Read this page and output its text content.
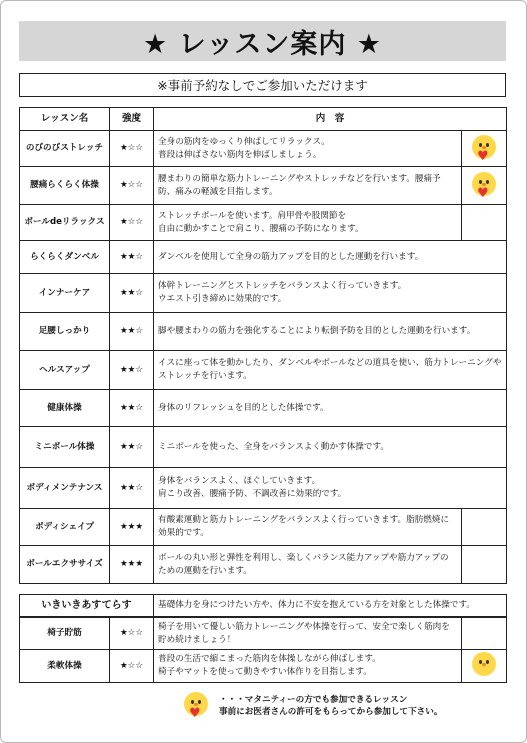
★ レッスン案内 ★
※事前予約なしでご参加いただけます
レッスン名	強度	内　容	
のびのびストレッチ	★☆☆	全身の筋肉をゆっくり伸ばしてリラックス。
普段は伸ばさない筋肉を伸ばしましょう。	♥

腰痛らくらく体操	★☆☆	腰まわりの簡単な筋力トレーニングやストレッチなどを行います。腰痛予防、痛みの軽減を目指します。	♥

ボールdeリラックス	★☆☆	ストレッチポールを使います。肩甲骨や股関節を
自由に動かすことで肩こり、腰痛の予防になります。	
らくらくダンベル	★★☆	ダンベルを使用して全身の筋力アップを目的とした運動を行います。	
インナーケア	★★☆	体幹トレーニングとストレッチをバランスよく行っていきます。
ウエスト引き締めに効果的です。	
足腰しっかり	★★☆	脚や腰まわりの筋力を強化することにより転倒予防を目的とした運動を行います。	
ヘルスアップ	★★☆	イスに座って体を動かしたり、ダンベルやボールなどの道具を使い、筋力トレーニングやストレッチを行います。	
健康体操	★★☆	身体のリフレッシュを目的とした体操です。	
ミニボール体操	★★☆	ミニボールを使った、全身をバランスよく動かす体操です。	
ボディメンテナンス	★★☆	身体をバランスよく、ほぐしていきます。
肩こり改善、腰痛予防、不調改善に効果的です。	
ボディシェイプ	★★★	有酸素運動と筋力トレーニングをバランスよく行っていきます。脂肪燃焼に効果的です。	
ボールエクササイズ	★★★	ボールの丸い形と弾性を利用し、楽しくバランス能力アップや筋力アップのための運動を行います。	
いきいきあすてらす	基礎体力を身につけたい方や、体力に不安を抱えている方を対象とした体操です。
椅子貯筋	★☆☆	椅子を用いて優しい筋力トレーニングや体操を行って、安全で楽しく筋肉を貯め続けましょう！	
柔軟体操	★☆☆	普段の生活で縮こまった筋肉を体操しながら伸ばします。
椅子やマットを使って動きやすい体作りを目指します。	
♥
・・・マタニティーの方でも参加できるレッスン
事前にお医者さんの許可をもらってから参加して下さい。
